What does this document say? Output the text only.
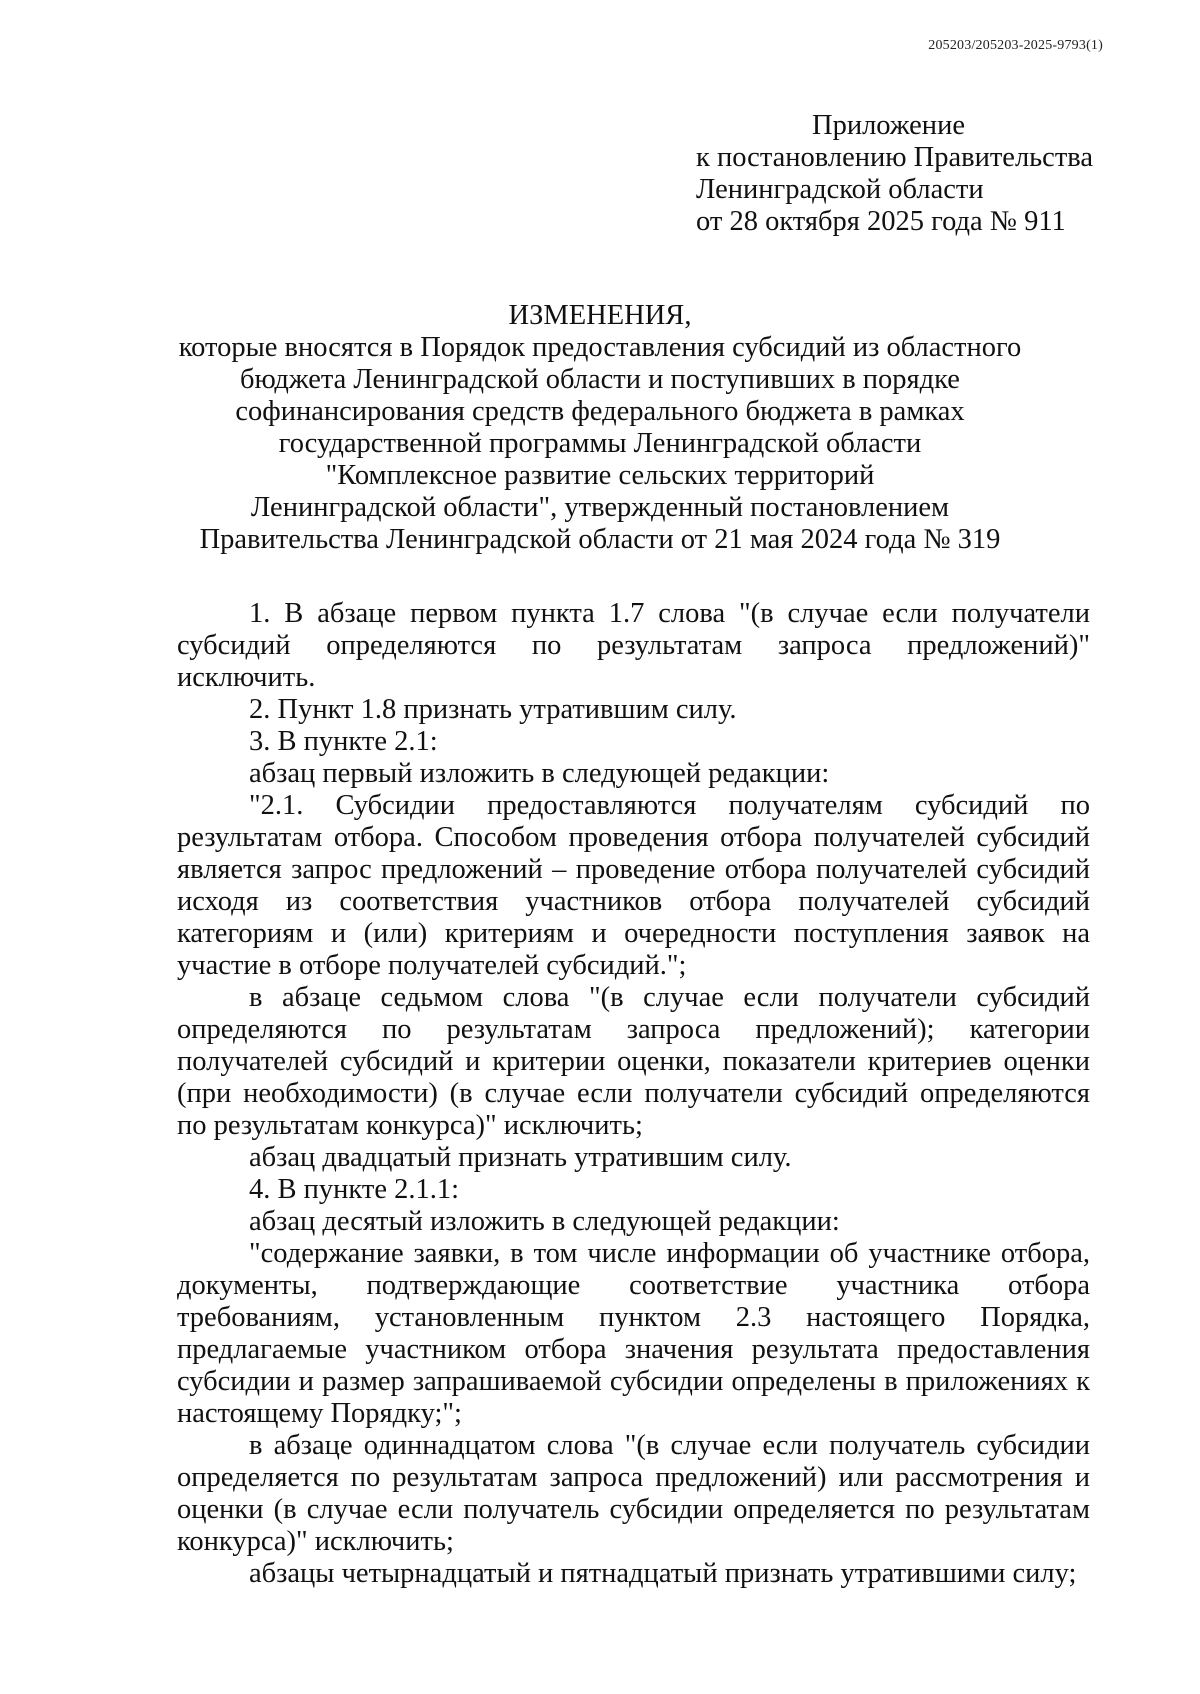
205203/205203-2025-9793(1)
Приложение
к постановлению Правительства
Ленинградской области
от 28 октября 2025 года № 911
ИЗМЕНЕНИЯ,
которые вносятся в Порядок предоставления субсидий из областного
бюджета Ленинградской области и поступивших в порядке
софинансирования средств федерального бюджета в рамках
государственной программы Ленинградской области
"Комплексное развитие сельских территорий
Ленинградской области", утвержденный постановлением
Правительства Ленинградской области от 21 мая 2024 года № 319

1. В абзаце первом пункта 1.7 слова "(в случае если получатели субсидий определяются по результатам запроса предложений)" исключить.

2. Пункт 1.8 признать утратившим силу.

3. В пункте 2.1:

абзац первый изложить в следующей редакции:

"2.1. Субсидии предоставляются получателям субсидий по результатам отбора. Способом проведения отбора получателей субсидий является запрос предложений – проведение отбора получателей субсидий исходя из соответствия участников отбора получателей субсидий категориям и (или) критериям и очередности поступления заявок на участие в отборе получателей субсидий.";

в абзаце седьмом слова "(в случае если получатели субсидий определяются по результатам запроса предложений); категории получателей субсидий и критерии оценки, показатели критериев оценки (при необходимости) (в случае если получатели субсидий определяются по результатам конкурса)" исключить;

абзац двадцатый признать утратившим силу.

4. В пункте 2.1.1:

абзац десятый изложить в следующей редакции:

"содержание заявки, в том числе информации об участнике отбора, документы, подтверждающие соответствие участника отбора требованиям, установленным пунктом 2.3 настоящего Порядка, предлагаемые участником отбора значения результата предоставления субсидии и размер запрашиваемой субсидии определены в приложениях к настоящему Порядку;";

в абзаце одиннадцатом слова "(в случае если получатель субсидии определяется по результатам запроса предложений) или рассмотрения и оценки (в случае если получатель субсидии определяется по результатам конкурса)" исключить;

абзацы четырнадцатый и пятнадцатый признать утратившими силу;
